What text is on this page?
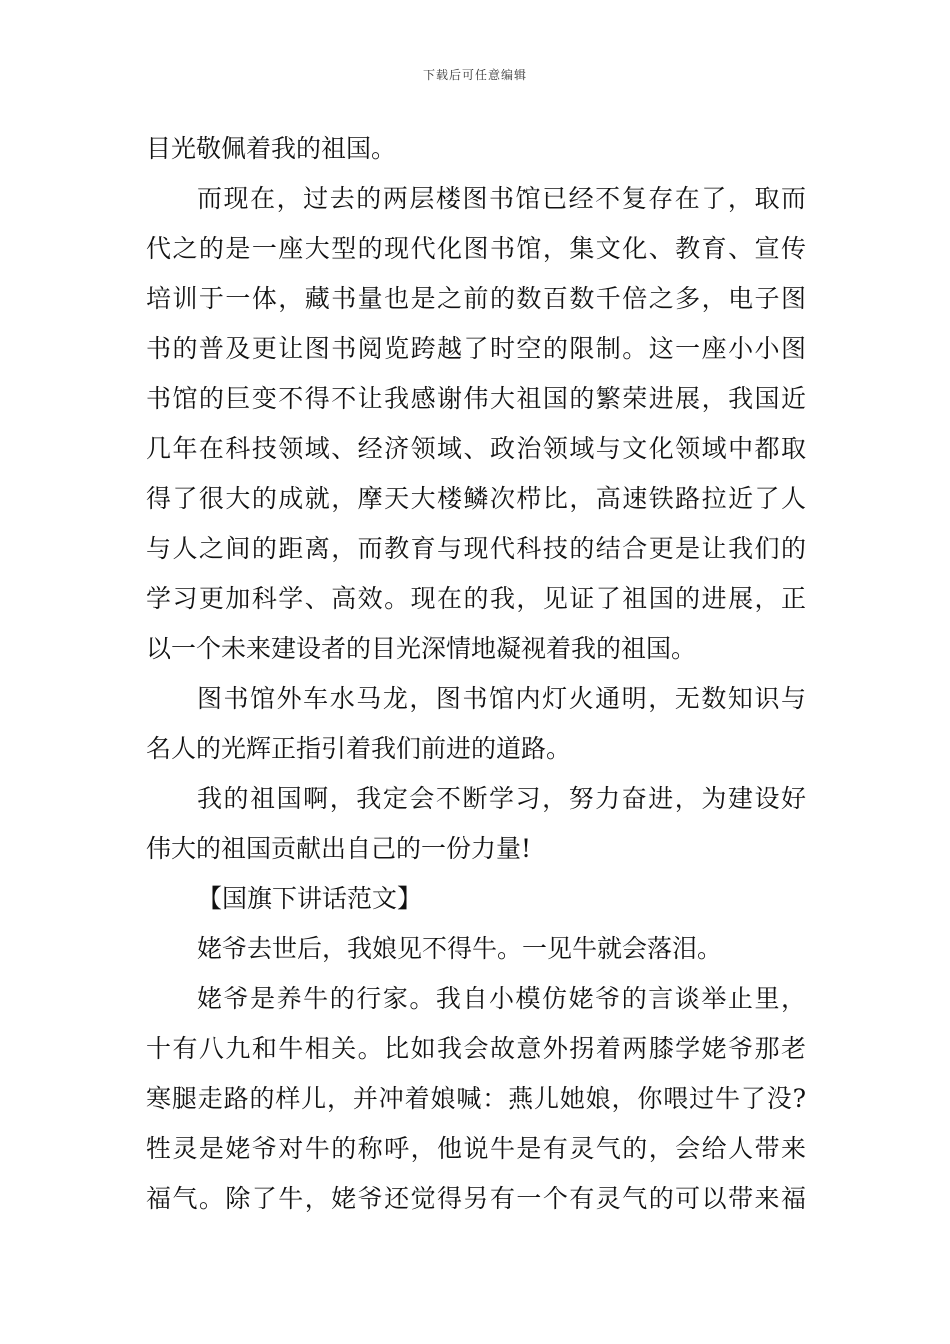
下载后可任意编辑
目光敬佩着我的祖国。
而现在，过去的两层楼图书馆已经不复存在了，取而
代之的是一座大型的现代化图书馆，集文化、教育、宣传
培训于一体，藏书量也是之前的数百数千倍之多，电子图
书的普及更让图书阅览跨越了时空的限制。这一座小小图
书馆的巨变不得不让我感谢伟大祖国的繁荣进展，我国近
几年在科技领域、经济领域、政治领域与文化领域中都取
得了很大的成就，摩天大楼鳞次栉比，高速铁路拉近了人
与人之间的距离，而教育与现代科技的结合更是让我们的
学习更加科学、高效。现在的我，见证了祖国的进展，正
以一个未来建设者的目光深情地凝视着我的祖国。
图书馆外车水马龙，图书馆内灯火通明，无数知识与
名人的光辉正指引着我们前进的道路。
我的祖国啊，我定会不断学习，努力奋进，为建设好
伟大的祖国贡献出自己的一份力量!
【国旗下讲话范文】
姥爷去世后，我娘见不得牛。一见牛就会落泪。
姥爷是养牛的行家。我自小模仿姥爷的言谈举止里，
十有八九和牛相关。比如我会故意外拐着两膝学姥爷那老
寒腿走路的样儿，并冲着娘喊：燕儿她娘，你喂过牛了没?
牲灵是姥爷对牛的称呼，他说牛是有灵气的，会给人带来
福气。除了牛，姥爷还觉得另有一个有灵气的可以带来福
